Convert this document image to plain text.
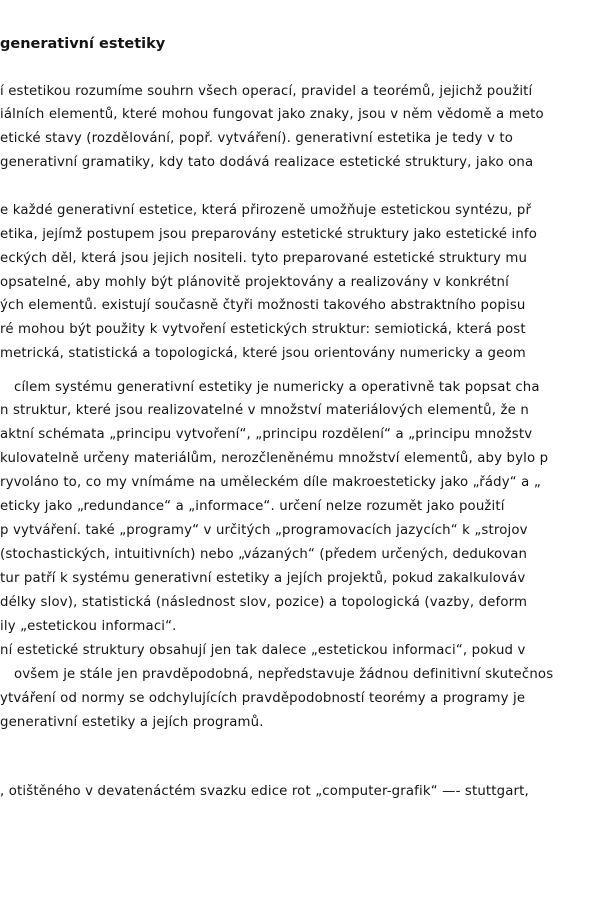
generativní estetiky

í estetikou rozumíme souhrn všech operací, pravidel a teorémů, jejichž použití

iálních elementů, které mohou fungovat jako znaky, jsou v něm vědomě a meto

etické stavy (rozdělování, popř. vytváření). generativní estetika je tedy v to

generativní gramatiky, kdy tato dodává realizace estetické struktury, jako ona

e každé generativní estetice, která přirozeně umožňuje estetickou syntézu, př

etika, jejímž postupem jsou preparovány estetické struktury jako estetické info

eckých děl, která jsou jejich nositeli. tyto preparované estetické struktury mu

opsatelné, aby mohly být plánovitě projektovány a realizovány v konkrétní

ých elementů. existují současně čtyři možnosti takového abstraktního popisu

ré mohou být použity k vytvoření estetických struktur: semiotická, která post

metrická, statistická a topologická, které jsou orientovány numericky a geom

cílem systému generativní estetiky je numericky a operativně tak popsat cha

n struktur, které jsou realizovatelné v množství materiálových elementů, že n

aktní schémata „principu vytvoření“, „principu rozdělení“ a „principu množstv

kulovatelně určeny materiálům, nerozčleněnému množství elementů, aby bylo p

ryvoláno to, co my vnímáme na uměleckém díle makroesteticky jako „řády“ a „

eticky jako „redundance“ a „informace“. určení nelze rozumět jako použití

p vytváření. také „programy“ v určitých „programovacích jazycích“ k „strojov

(stochastických, intuitivních) nebo „vázaných“ (předem určených, dedukovan

tur patří k systému generativní estetiky a jejích projektů, pokud zakalkulováv

délky slov), statistická (následnost slov, pozice) a topologická (vazby, deform

ily „estetickou informaci“.

ní estetické struktury obsahují jen tak dalece „estetickou informaci“, pokud v

ovšem je stále jen pravděpodobná, nepředstavuje žádnou definitivní skutečnos

ytváření od normy se odchylujících pravděpodobností teorémy a programy je

generativní estetiky a jejích programů.

, otištěného v devatenáctém svazku edice rot „computer-grafik“ —- stuttgart,
